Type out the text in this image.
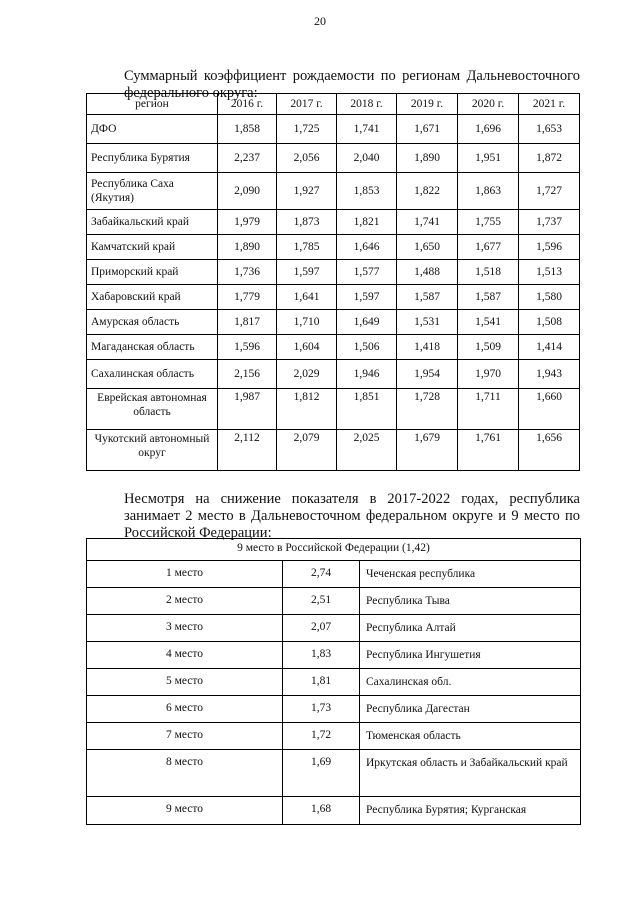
20
Суммарный коэффициент рождаемости по регионам Дальневосточного федерального округа:
регион	2016 г.	2017 г.	2018 г.	2019 г.	2020 г.	2021 г.
ДФО	1,858	1,725	1,741	1,671	1,696	1,653
Республика Бурятия	2,237	2,056	2,040	1,890	1,951	1,872
Республика Саха (Якутия)	2,090	1,927	1,853	1,822	1,863	1,727
Забайкальский край	1,979	1,873	1,821	1,741	1,755	1,737
Камчатский край	1,890	1,785	1,646	1,650	1,677	1,596
Приморский край	1,736	1,597	1,577	1,488	1,518	1,513
Хабаровский край	1,779	1,641	1,597	1,587	1,587	1,580
Амурская область	1,817	1,710	1,649	1,531	1,541	1,508
Магаданская область	1,596	1,604	1,506	1,418	1,509	1,414
Сахалинская область	2,156	2,029	1,946	1,954	1,970	1,943
Еврейская автономная область	1,987	1,812	1,851	1,728	1,711	1,660
Чукотский автономный округ	2,112	2,079	2,025	1,679	1,761	1,656
Несмотря на снижение показателя в 2017-2022 годах, республика занимает 2 место в Дальневосточном федеральном округе и 9 место по Российской Федерации:
9 место в Российской Федерации (1,42)		
1 место	2,74	Чеченская республика
2 место	2,51	Республика Тыва
3 место	2,07	Республика Алтай
4 место	1,83	Республика Ингушетия
5 место	1,81	Сахалинская обл.
6 место	1,73	Республика Дагестан
7 место	1,72	Тюменская область
8 место	1,69	Иркутская область и Забайкальский край
9 место	1,68	Республика Бурятия; Курганская
